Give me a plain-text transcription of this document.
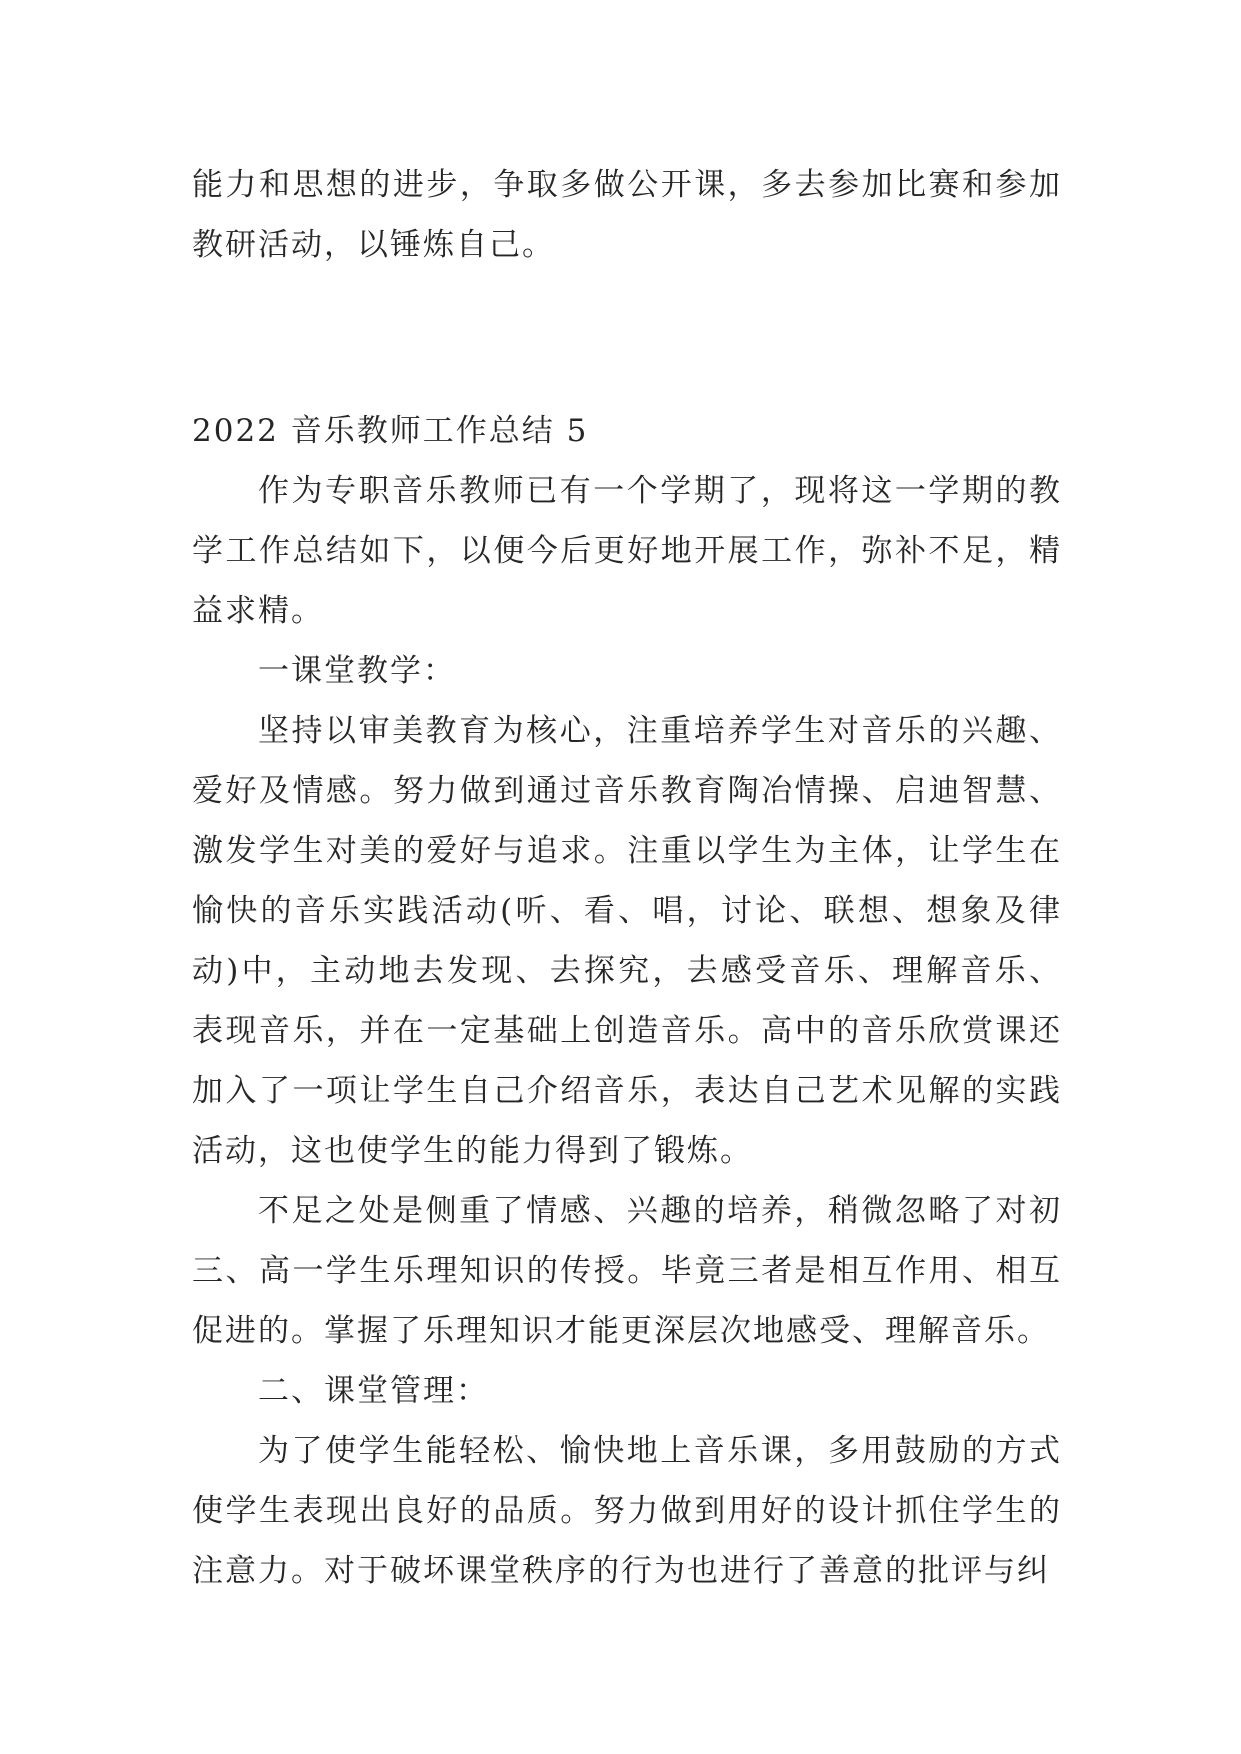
能力和思想的进步，争取多做公开课，多去参加比赛和参加教研活动，以锤炼自己。

2022 音乐教师工作总结 5

作为专职音乐教师已有一个学期了，现将这一学期的教学工作总结如下，以便今后更好地开展工作，弥补不足，精益求精。

一课堂教学：

坚持以审美教育为核心，注重培养学生对音乐的兴趣、爱好及情感。努力做到通过音乐教育陶冶情操、启迪智慧、激发学生对美的爱好与追求。注重以学生为主体，让学生在愉快的音乐实践活动(听、看、唱，讨论、联想、想象及律动)中，主动地去发现、去探究，去感受音乐、理解音乐、表现音乐，并在一定基础上创造音乐。高中的音乐欣赏课还加入了一项让学生自己介绍音乐，表达自己艺术见解的实践活动，这也使学生的能力得到了锻炼。

不足之处是侧重了情感、兴趣的培养，稍微忽略了对初三、高一学生乐理知识的传授。毕竟三者是相互作用、相互促进的。掌握了乐理知识才能更深层次地感受、理解音乐。

二、课堂管理：

为了使学生能轻松、愉快地上音乐课，多用鼓励的方式使学生表现出良好的品质。努力做到用好的设计抓住学生的注意力。对于破坏课堂秩序的行为也进行了善意的批评与纠
